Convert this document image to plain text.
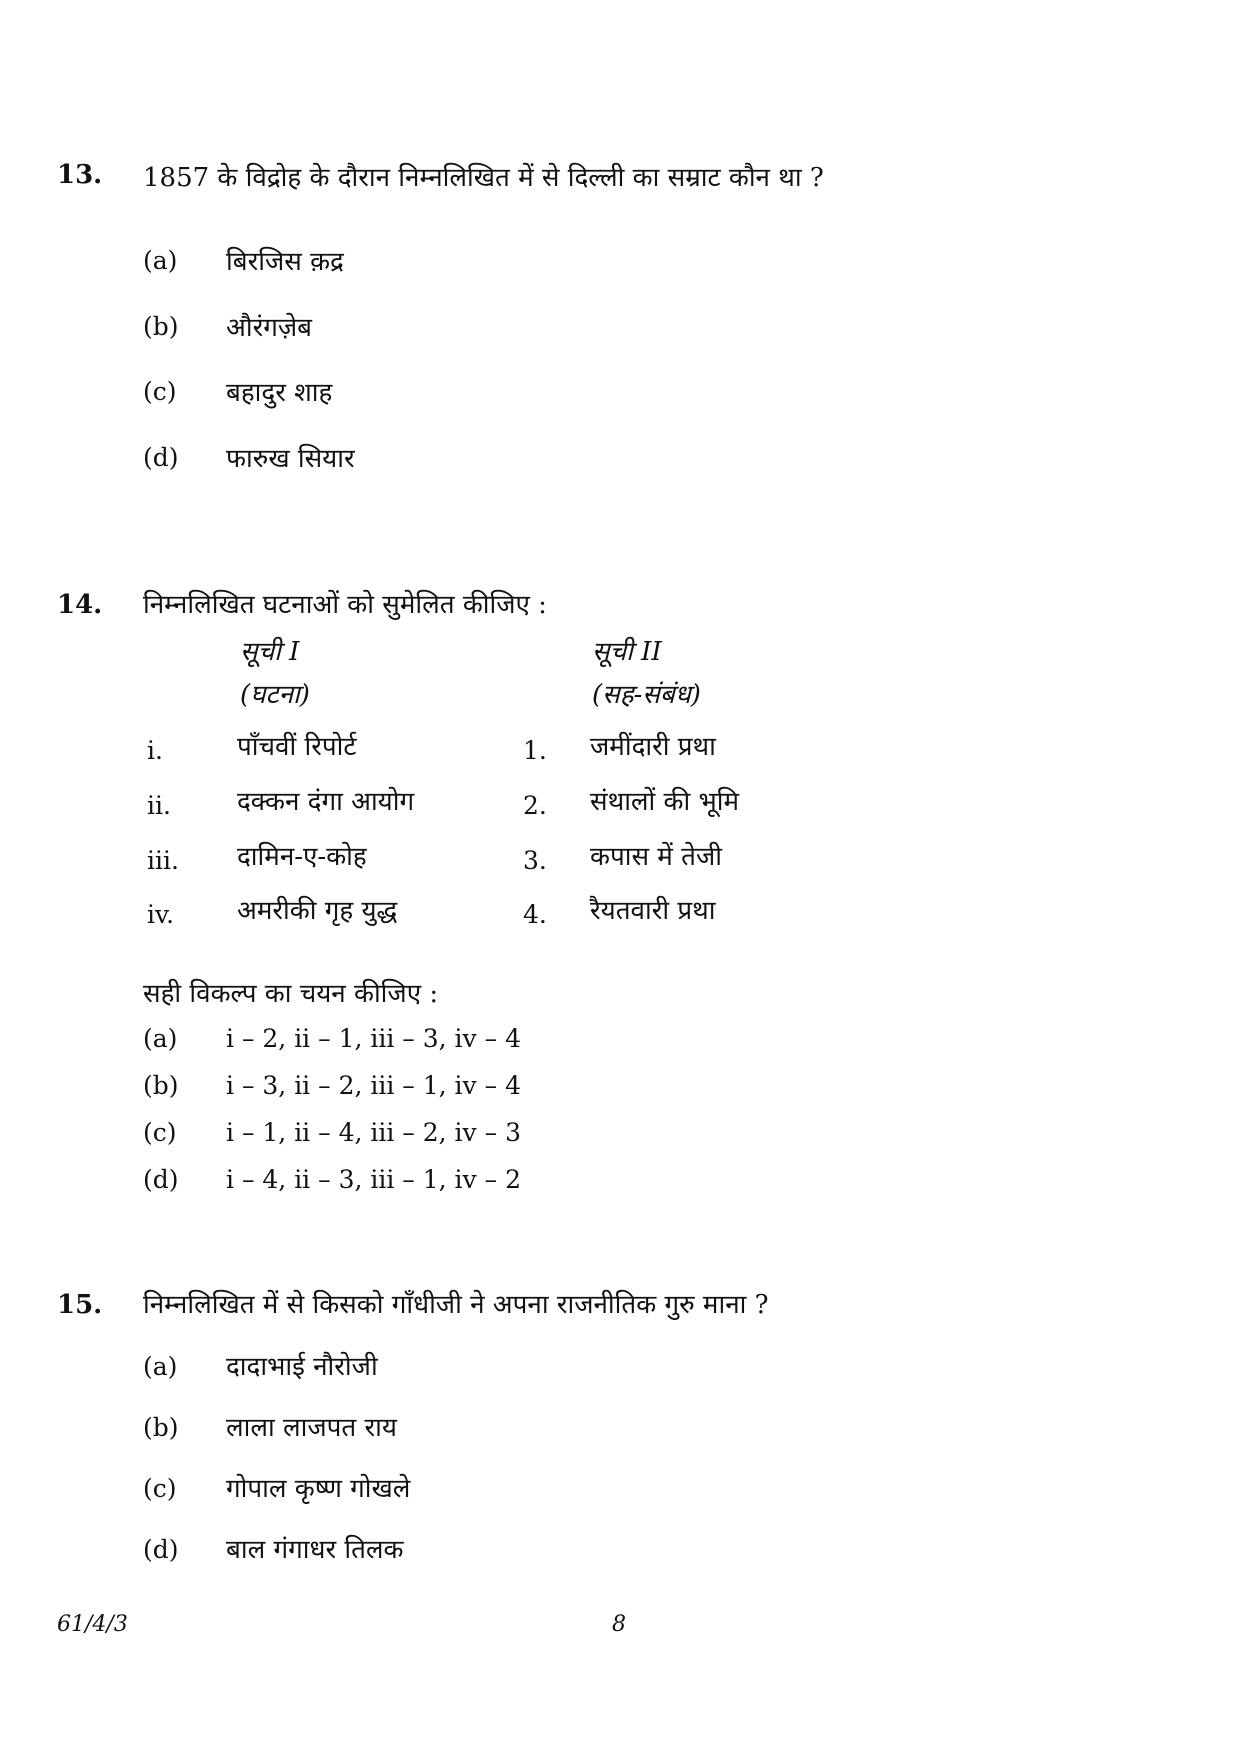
13. 1857 के विद्रोह के दौरान निम्नलिखित में से दिल्ली का सम्राट कौन था ?
(a) बिरजिस क़द्र
(b) औरंगज़ेब
(c) बहादुर शाह
(d) फारुख सियार
14. निम्नलिखित घटनाओं को सुमेलित कीजिए :
सूची I
(घटना)
सूची II
(सह-संबंध)
i.	पाँचवीं रिपोर्ट	1. जमींदारी प्रथा
ii.	दक्कन दंगा आयोग	2. संथालों की भूमि
iii. दामिन-ए-कोह	3. कपास में तेजी
iv. अमरीकी गृह युद्ध	4. रैयतवारी प्रथा
सही विकल्प का चयन कीजिए :
(a) i – 2, ii – 1, iii – 3, iv – 4
(b) i – 3, ii – 2, iii – 1, iv – 4
(c) i – 1, ii – 4, iii – 2, iv – 3
(d) i – 4, ii – 3, iii – 1, iv – 2
15. निम्नलिखित में से किसको गाँधीजी ने अपना राजनीतिक गुरु माना ?
(a) दादाभाई नौरोजी
(b) लाला लाजपत राय
(c) गोपाल कृष्ण गोखले
(d) बाल गंगाधर तिलक
61/4/3	8
